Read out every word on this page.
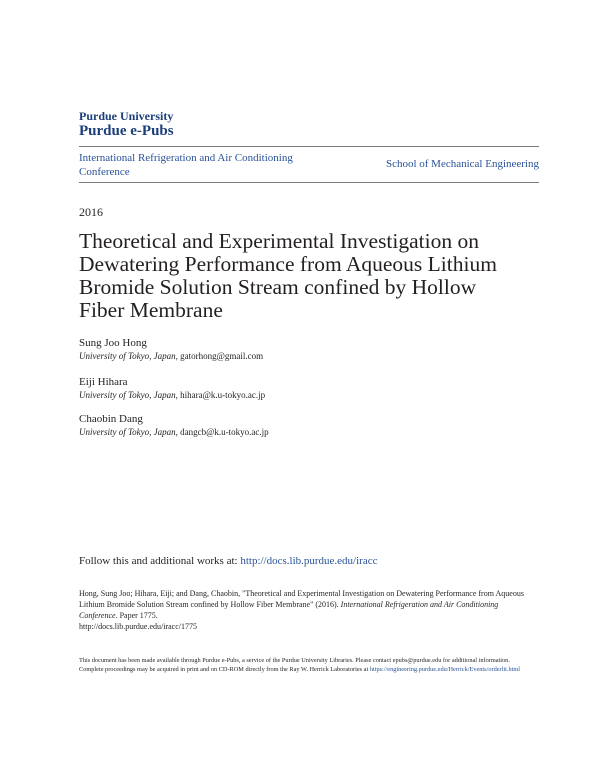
Purdue University
Purdue e-Pubs
International Refrigeration and Air Conditioning Conference
School of Mechanical Engineering
2016
Theoretical and Experimental Investigation on Dewatering Performance from Aqueous Lithium Bromide Solution Stream confined by Hollow Fiber Membrane
Sung Joo Hong
University of Tokyo, Japan, gatorhong@gmail.com
Eiji Hihara
University of Tokyo, Japan, hihara@k.u-tokyo.ac.jp
Chaobin Dang
University of Tokyo, Japan, dangcb@k.u-tokyo.ac.jp
Follow this and additional works at: http://docs.lib.purdue.edu/iracc
Hong, Sung Joo; Hihara, Eiji; and Dang, Chaobin, "Theoretical and Experimental Investigation on Dewatering Performance from Aqueous Lithium Bromide Solution Stream confined by Hollow Fiber Membrane" (2016). International Refrigeration and Air Conditioning Conference. Paper 1775.
http://docs.lib.purdue.edu/iracc/1775
This document has been made available through Purdue e-Pubs, a service of the Purdue University Libraries. Please contact epubs@purdue.edu for additional information.
Complete proceedings may be acquired in print and on CD-ROM directly from the Ray W. Herrick Laboratories at https://engineering.purdue.edu/Herrick/Events/orderlit.html
